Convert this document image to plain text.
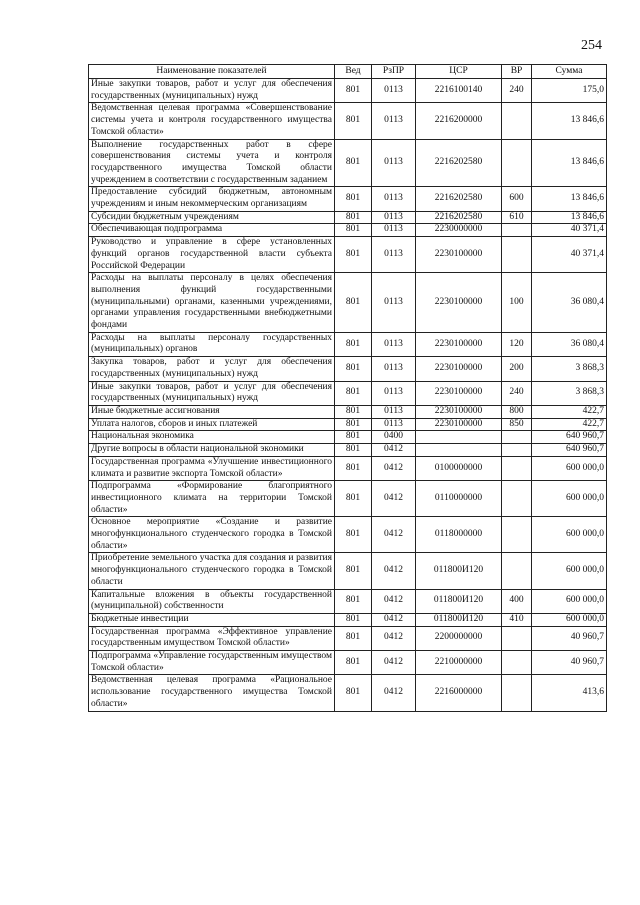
254
Наименование показателей	Вед	РзПР	ЦСР	ВР	Сумма
Иные закупки товаров, работ и услуг для обеспечения государственных (муниципальных) нужд	801	0113	2216100140	240	175,0
Ведомственная целевая программа «Совершенствование системы учета и контроля государственного имущества Томской области»	801	0113	2216200000		13 846,6
Выполнение государственных работ в сфере совершенствования системы учета и контроля государственного имущества Томской области учреждением в соответствии с государственным заданием	801	0113	2216202580		13 846,6
Предоставление субсидий бюджетным, автономным учреждениям и иным некоммерческим организациям	801	0113	2216202580	600	13 846,6
Субсидии бюджетным учреждениям	801	0113	2216202580	610	13 846,6
Обеспечивающая подпрограмма	801	0113	2230000000		40 371,4
Руководство и управление в сфере установленных функций органов государственной власти субъекта Российской Федерации	801	0113	2230100000		40 371,4
Расходы на выплаты персоналу в целях обеспечения выполнения функций государственными (муниципальными) органами, казенными учреждениями, органами управления государственными внебюджетными фондами	801	0113	2230100000	100	36 080,4
Расходы на выплаты персоналу государственных (муниципальных) органов	801	0113	2230100000	120	36 080,4
Закупка товаров, работ и услуг для обеспечения государственных (муниципальных) нужд	801	0113	2230100000	200	3 868,3
Иные закупки товаров, работ и услуг для обеспечения государственных (муниципальных) нужд	801	0113	2230100000	240	3 868,3
Иные бюджетные ассигнования	801	0113	2230100000	800	422,7
Уплата налогов, сборов и иных платежей	801	0113	2230100000	850	422,7
Национальная экономика	801	0400			640 960,7
Другие вопросы в области национальной экономики	801	0412			640 960,7
Государственная программа «Улучшение инвестиционного климата и развитие экспорта Томской области»	801	0412	0100000000		600 000,0
Подпрограмма «Формирование благоприятного инвестиционного климата на территории Томской области»	801	0412	0110000000		600 000,0
Основное мероприятие «Создание и развитие многофункционального студенческого городка в Томской области»	801	0412	0118000000		600 000,0
Приобретение земельного участка для создания и развития многофункционального студенческого городка в Томской области	801	0412	011800И120		600 000,0
Капитальные вложения в объекты государственной (муниципальной) собственности	801	0412	011800И120	400	600 000,0
Бюджетные инвестиции	801	0412	011800И120	410	600 000,0
Государственная программа «Эффективное управление государственным имуществом Томской области»	801	0412	2200000000		40 960,7
Подпрограмма «Управление государственным имуществом Томской области»	801	0412	2210000000		40 960,7
Ведомственная целевая программа «Рациональное использование государственного имущества Томской области»	801	0412	2216000000		413,6
